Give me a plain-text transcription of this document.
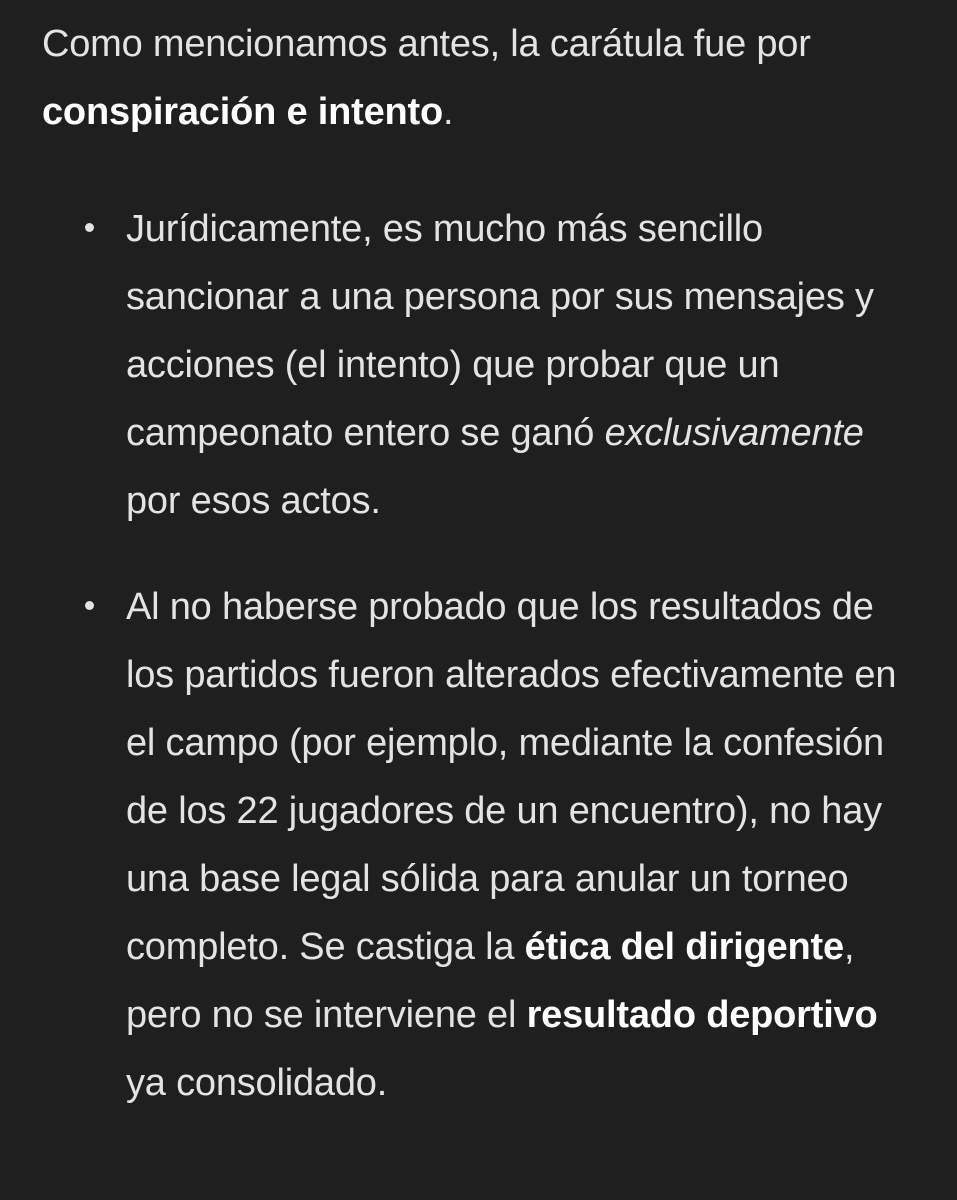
Como mencionamos antes, la carátula fue por conspiración e intento.

Jurídicamente, es mucho más sencillo sancionar a una persona por sus mensajes y acciones (el intento) que probar que un campeonato entero se ganó exclusivamente por esos actos.
Al no haberse probado que los resultados de los partidos fueron alterados efectivamente en el campo (por ejemplo, mediante la confesión de los 22 jugadores de un encuentro), no hay una base legal sólida para anular un torneo completo. Se castiga la ética del dirigente, pero no se interviene el resultado deportivo ya consolidado.
